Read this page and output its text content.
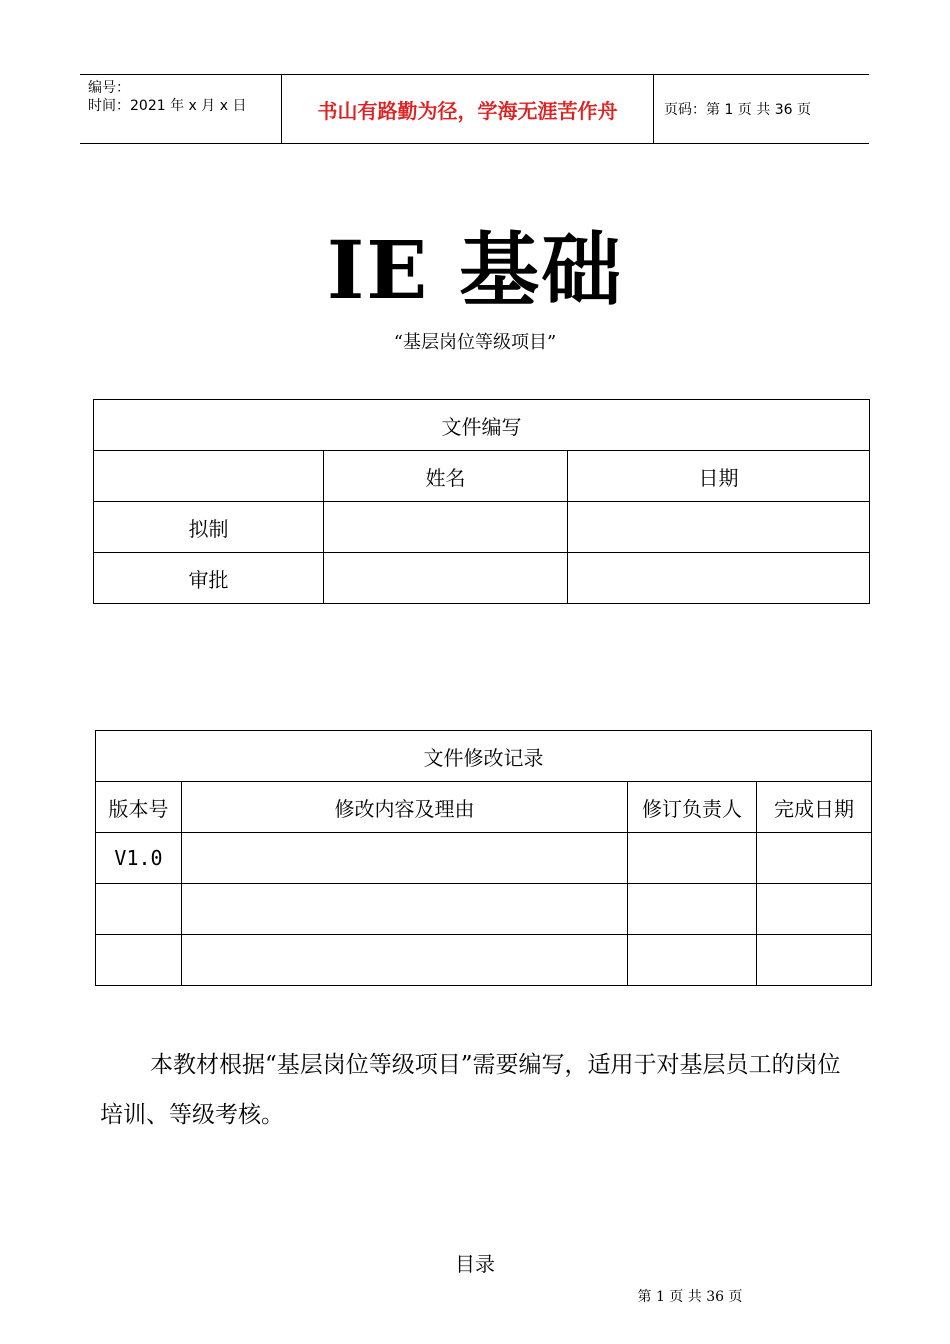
编号：
时间：2021 年 x 月 x 日	书山有路勤为径，学海无涯苦作舟	页码：第 1 页 共 36 页
IE 基础
“基层岗位等级项目”
文件编写		
	姓名	日期
拟制		
审批		
文件修改记录			
版本号	修改内容及理由	修订负责人	完成日期
V1.0			

本教材根据“基层岗位等级项目”需要编写，适用于对基层员工的岗位培训、等级考核。

目录
第 1 页 共 36 页
